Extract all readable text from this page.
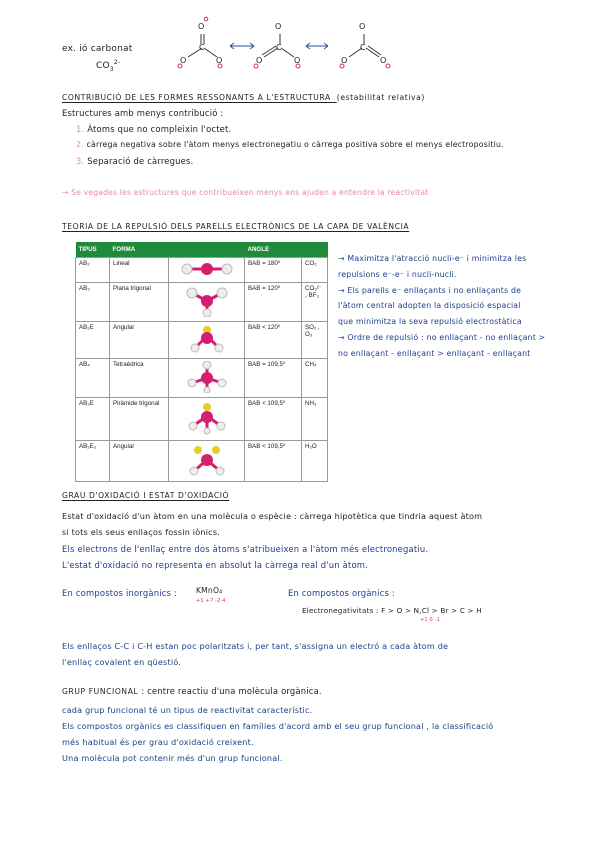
ex. ió carbonat
$CO_3^{2-}$
C
O
O	O
C
O
O	O
C
O
O	O
CONTRIBUCIÓ DE LES FORMES RESSONANTS A L'ESTRUCTURA (estabilitat relativa)
Estructures amb menys contribució :
1. Àtoms que no compleixin l'octet.
2. càrrega negativa sobre l'àtom menys electronegatiu o càrrega positiva sobre el menys electropositiu.
3. Separació de càrregues.
→ Se vegades les estructures que contribueixen menys ens ajuden a entendre la reactivitat
TEORIA DE LA REPULSIÓ DELS PARELLS ELECTRÒNICS DE LA CAPA DE VALÈNCIA
TIPUS	FORMA		ANGLE	
AB₂	Lineal		BAB = 180⁰	CO₂
AB₃	Plana trigonal		BAB = 120⁰	CO₃²⁻ , BF₃
AB₂E	Angular		BAB < 120⁰	SO₂ , O₃
AB₄	Tetraèdrica		BAB = 109,5⁰	CH₄
AB₃E	Piràmide trigonal		BAB < 109,5⁰	NH₃
AB₂E₂	Angular		BAB < 109,5⁰	H₂O
→ Maximitza l'atracció nucli-e⁻ i minimitza les
repulsions e⁻-e⁻ i nucli-nucli.
→ Els parells e⁻ enllaçants i no enllaçants de
l'àtom central adopten la disposició espacial
que minimitza la seva repulsió electrostàtica
→ Ordre de repulsió : no enllaçant - no enllaçant >
no enllaçant - enllaçant > enllaçant - enllaçant
GRAU D'OXIDACIÓ I ESTAT D'OXIDACIÓ
Estat d'oxidació d'un àtom en una molècula o espècie : càrrega hipotètica que tindria aquest àtom
si tots els seus enllaços fossin iònics.
Els electrons de l'enllaç entre dos àtoms s'atribueixen a l'àtom més electronegatiu.
L'estat d'oxidació no representa en absolut la càrrega real d'un àtom.
En compostos inorgànics :	KMnO₄
+1 +7 -2·4
En compostos orgànics :
Electronegativitats : F > O > N,Cl > Br > C > H
+1 0 -1
Els enllaços C-C i C-H estan poc polaritzats i, per tant, s'assigna un electró a cada àtom de
l'enllaç covalent en qüestió.
GRUP FUNCIONAL : centre reactiu d'una molècula orgànica.
cada grup funcional té un tipus de reactivitat característic.
Els compostos orgànics es classifiquen en famílies d'acord amb el seu grup funcional , la classificació
més habitual és per grau d'oxidació creixent.
Una molècula pot contenir més d'un grup funcional.
